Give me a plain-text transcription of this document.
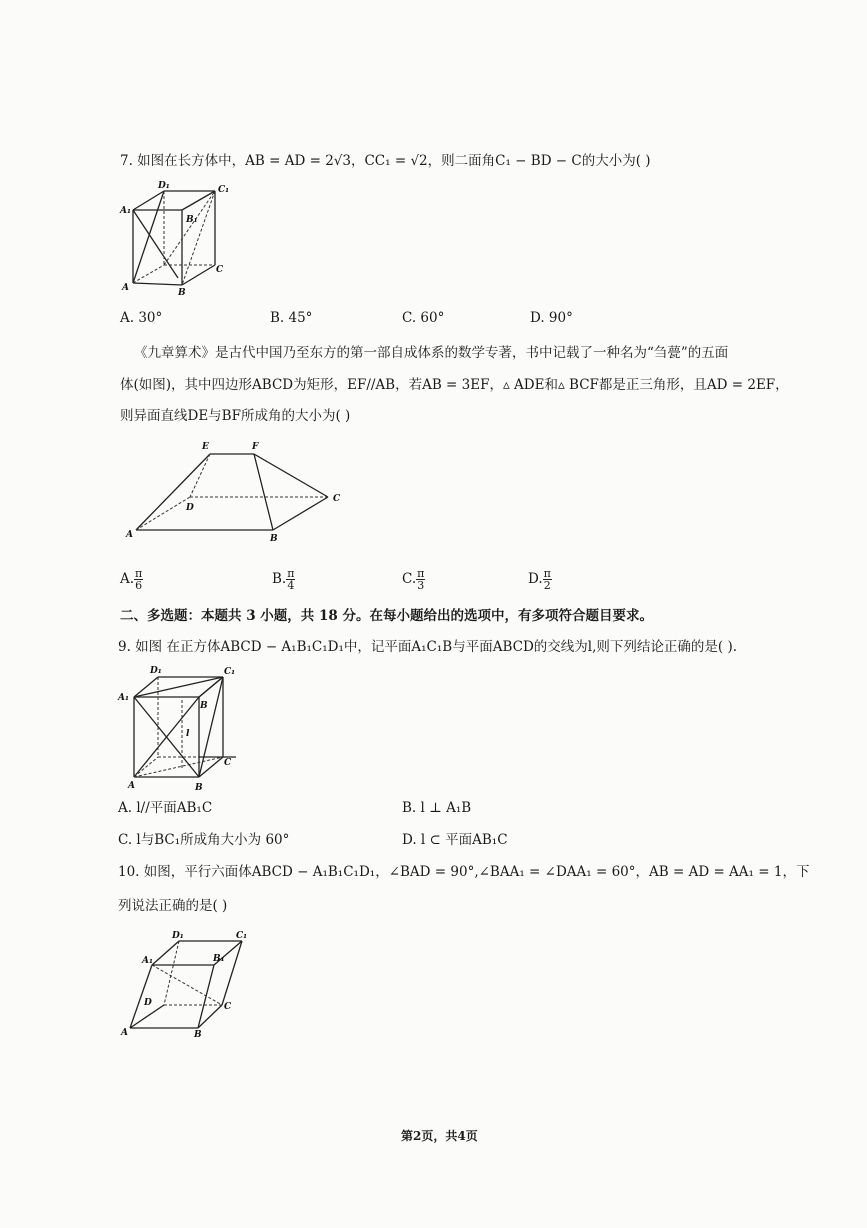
7. 如图在长方体中，AB = AD = 2√3，CC₁ = √2，则二面角C₁ − BD − C的大小为( )
D₁	C₁
A₁
B₁
A	B
C
A. 30°	B. 45°	C. 60°	D. 90°
《九章算术》是古代中国乃至东方的第一部自成体系的数学专著，书中记载了一种名为“刍甍”的五面
体(如图)，其中四边形ABCD为矩形，EF//AB，若AB = 3EF，▵ ADE和▵ BCF都是正三角形，且AD = 2EF，
则异面直线DE与BF所成角的大小为( )
E	F
C
D
A	B
A. $\frac{\pi}{6}$	B. $\frac{\pi}{4}$	C. $\frac{\pi}{3}$	D. $\frac{\pi}{2}$
二、多选题：本题共 3 小题，共 18 分。在每小题给出的选项中，有多项符合题目要求。
9. 如图 在正方体ABCD − A₁B₁C₁D₁中，记平面A₁C₁B与平面ABCD的交线为l,则下列结论正确的是( ).
D₁	C₁
A₁
B
l
C
A	B
A. l//平面AB₁C	B. l ⊥ A₁B
C. l与BC₁所成角大小为 60°	D. l ⊂ 平面AB₁C
10. 如图，平行六面体ABCD − A₁B₁C₁D₁，∠BAD = 90°,∠BAA₁ = ∠DAA₁ = 60°，AB = AD = AA₁ = 1，下
列说法正确的是( )
D₁	C₁
A₁	B₁
D	C
A	B
第2页，共4页
